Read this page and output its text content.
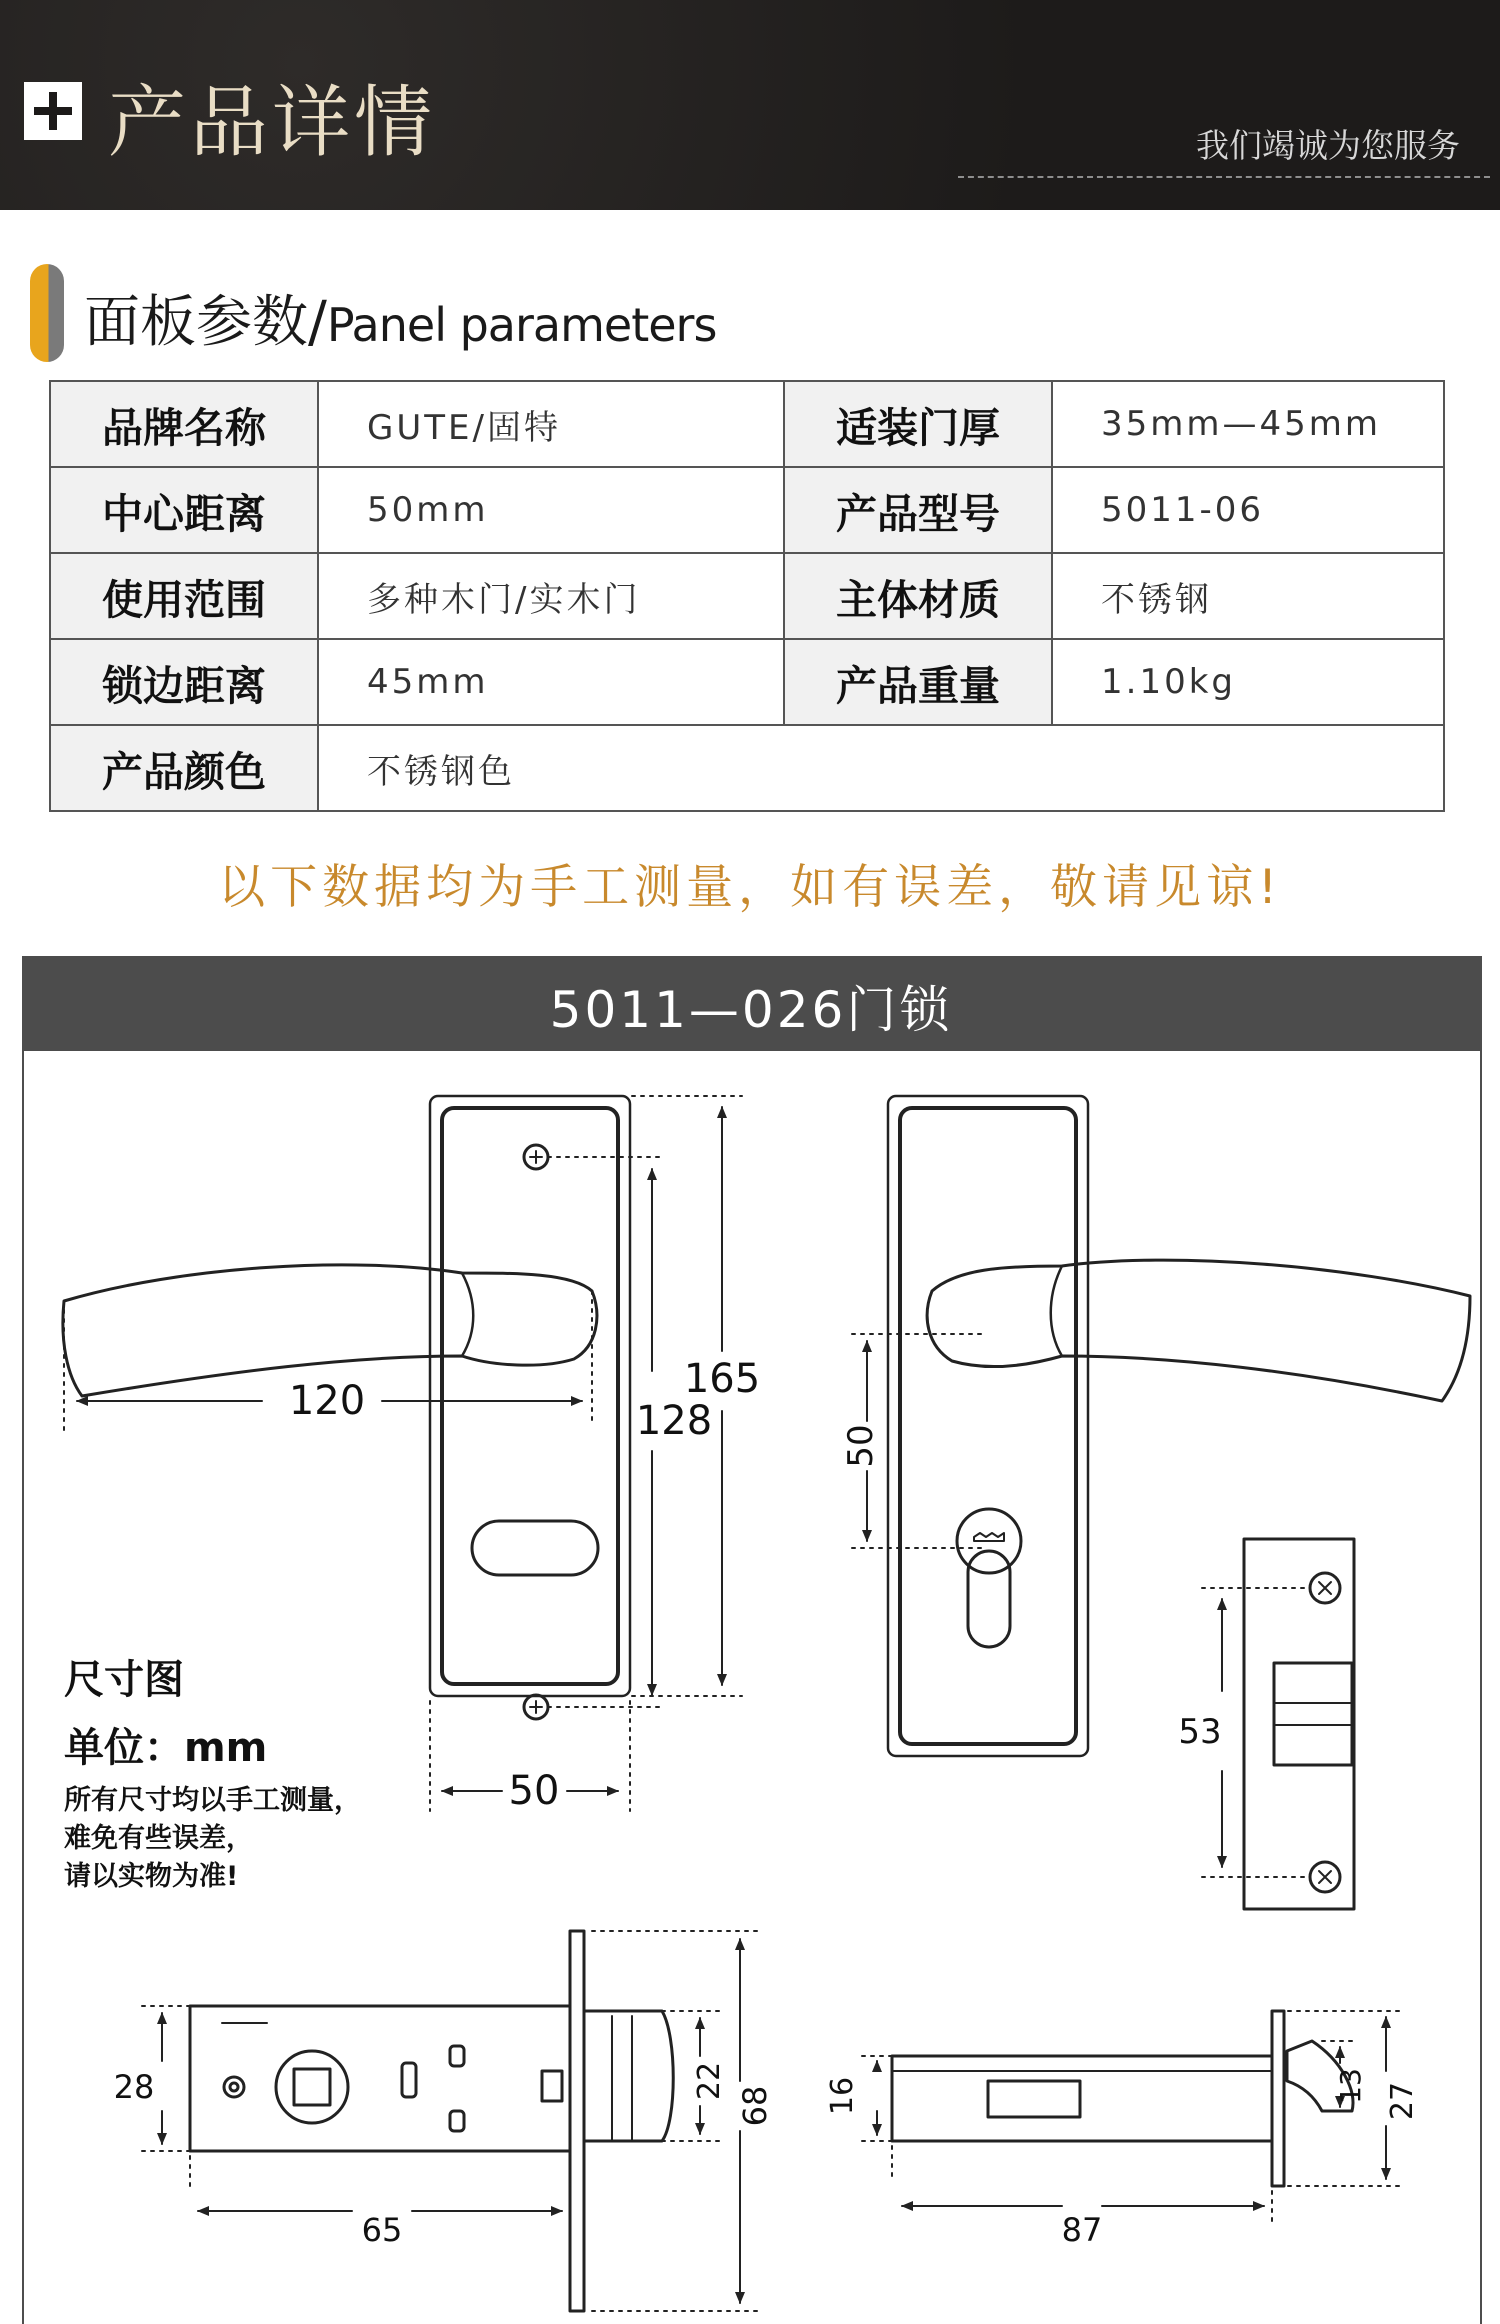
产品详情	我们竭诚为您服务
面板参数/Panel parameters
品牌名称	GUTE/固特	适装门厚	35mm—45mm
中心距离	50mm	产品型号	5011-06
使用范围	多种木门/实木门	主体材质	不锈钢
锁边距离	45mm	产品重量	1.10kg
产品颜色	不锈钢色		
以下数据均为手工测量，如有误差，敬请见谅!
5011—026门锁
120	165
128
50
50
53
28
65
22
68 16
87
13 27
尺寸图
单位：mm
所有尺寸均以手工测量，
难免有些误差，
请以实物为准!
